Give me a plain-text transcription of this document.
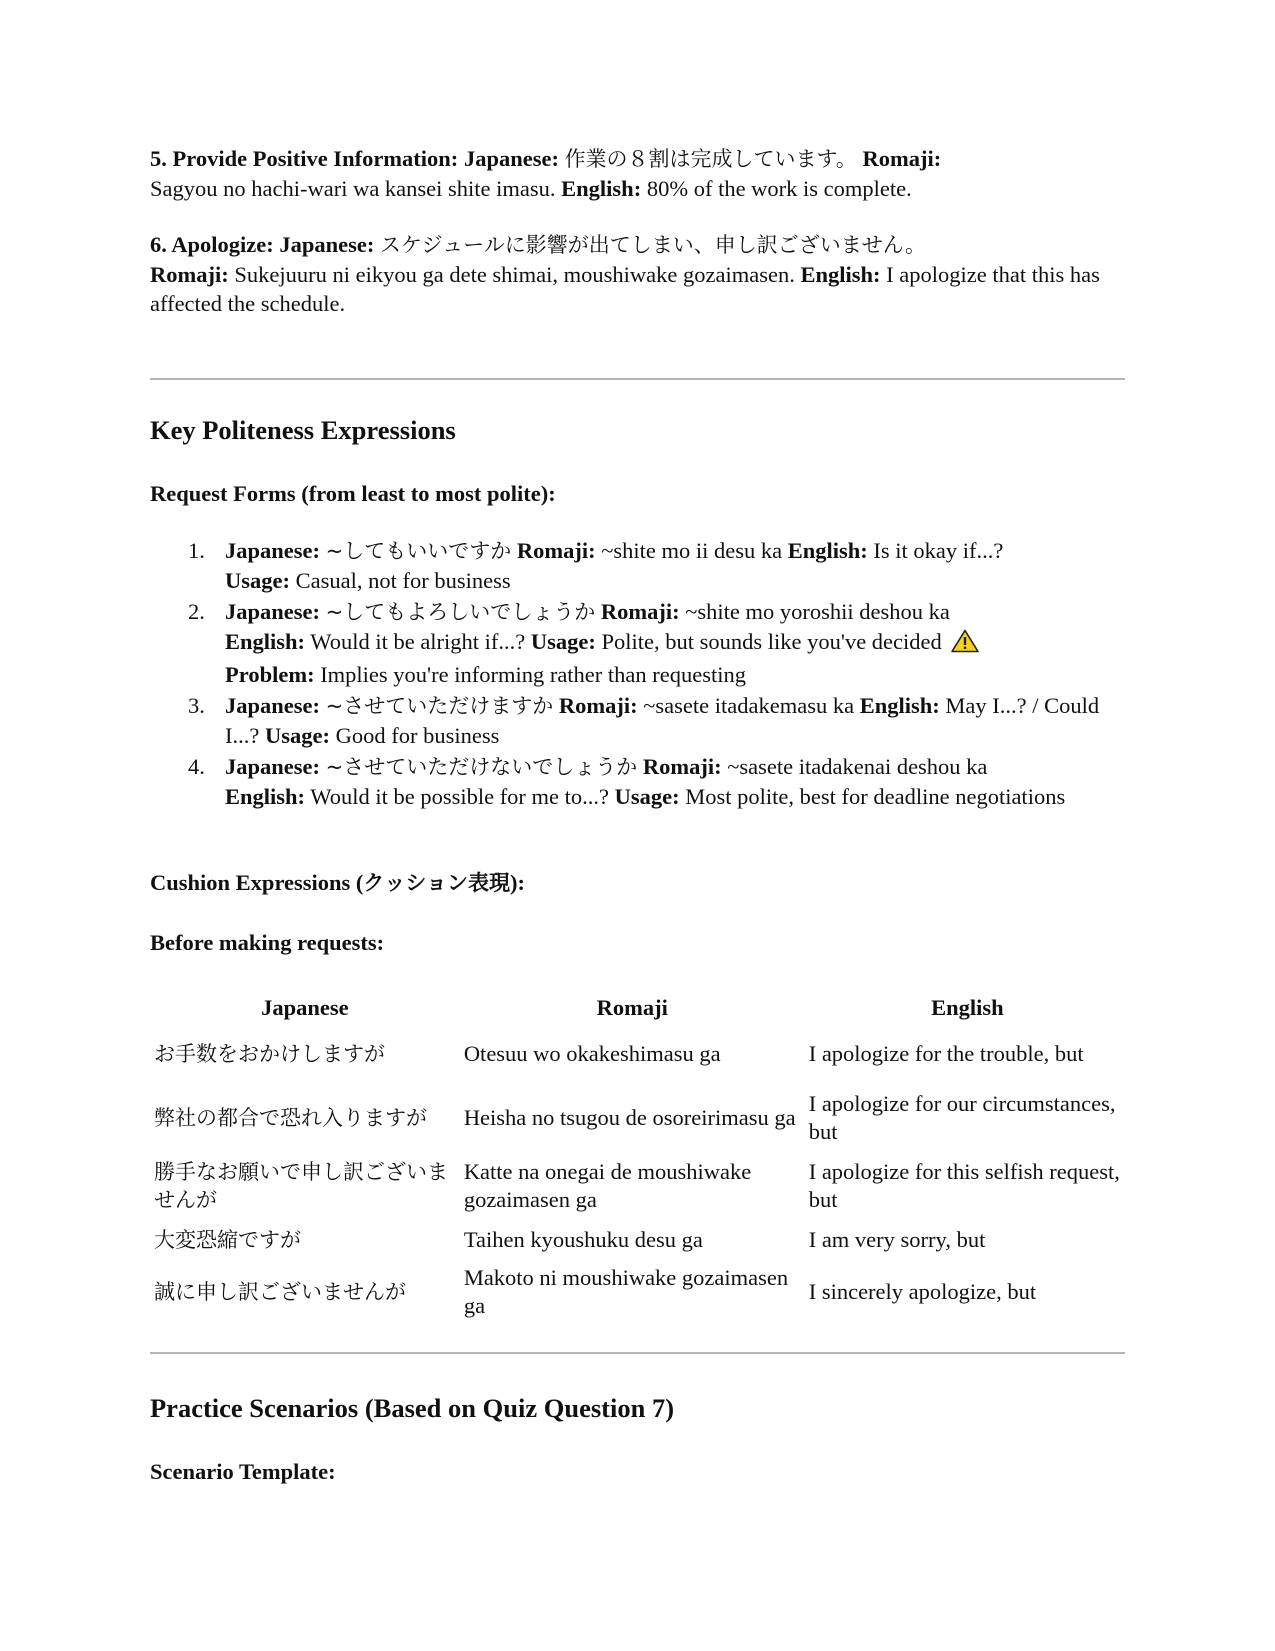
5. Provide Positive Information: Japanese: 作業の８割は完成しています。 Romaji:
Sagyou no hachi-wari wa kansei shite imasu. English: 80% of the work is complete.

6. Apologize: Japanese: スケジュールに影響が出てしまい、申し訳ございません。
Romaji: Sukejuuru ni eikyou ga dete shimai, moushiwake gozaimasen. English: I apologize that this has affected the schedule.

Key Politeness Expressions
Request Forms (from least to most polite):
1. Japanese: ~してもいいですか Romaji: ~shite mo ii desu ka English: Is it okay if...?
Usage: Casual, not for business
2. Japanese: ~してもよろしいでしょうか Romaji: ~shite mo yoroshii deshou ka
English: Would it be alright if...? Usage: Polite, but sounds like you've decided
Problem: Implies you're informing rather than requesting
3. Japanese: ~させていただけますか Romaji: ~sasete itadakemasu ka English: May I...? / Could I...? Usage: Good for business
4. Japanese: ~させていただけないでしょうか Romaji: ~sasete itadakenai deshou ka
English: Would it be possible for me to...? Usage: Most polite, best for deadline negotiations
Cushion Expressions (クッション表現):
Before making requests:
Japanese	Romaji	English
お手数をおかけしますが	Otesuu wo okakeshimasu ga	I apologize for the trouble, but
弊社の都合で恐れ入りますが	Heisha no tsugou de osoreirimasu ga	I apologize for our circumstances, but
勝手なお願いで申し訳ございませんが	Katte na onegai de moushiwake gozaimasen ga	I apologize for this selfish request, but
大変恐縮ですが	Taihen kyoushuku desu ga	I am very sorry, but
誠に申し訳ございませんが	Makoto ni moushiwake gozaimasen ga	I sincerely apologize, but
Practice Scenarios (Based on Quiz Question 7)
Scenario Template:
